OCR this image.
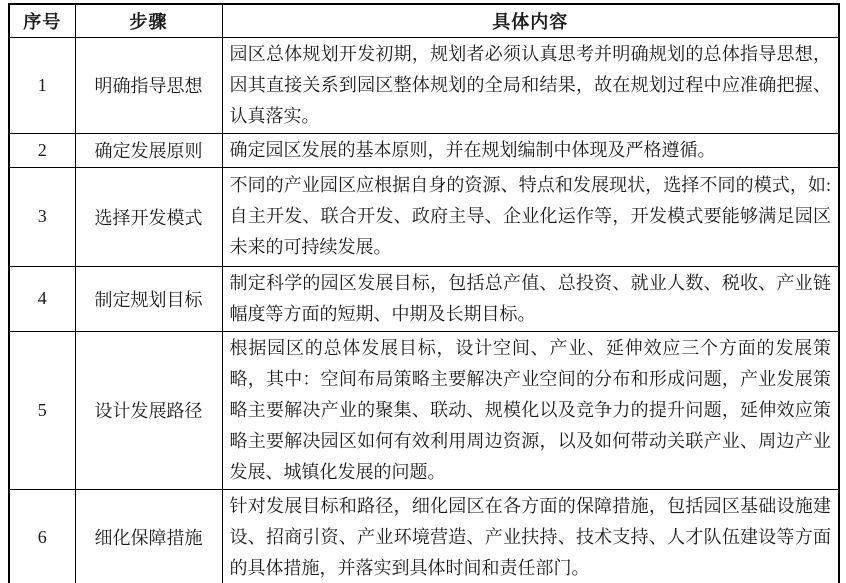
序号	步骤	具体内容
1	明确指导思想	园区总体规划开发初期，规划者必须认真思考并明确规划的总体指导思想，因其直接关系到园区整体规划的全局和结果，故在规划过程中应准确把握、认真落实。
2	确定发展原则	确定园区发展的基本原则，并在规划编制中体现及严格遵循。
3	选择开发模式	不同的产业园区应根据自身的资源、特点和发展现状，选择不同的模式，如: 自主开发、联合开发、政府主导、企业化运作等，开发模式要能够满足园区未来的可持续发展。
4	制定规划目标	制定科学的园区发展目标，包括总产值、总投资、就业人数、税收、产业链幅度等方面的短期、中期及长期目标。
5	设计发展路径	根据园区的总体发展目标，设计空间、产业、延伸效应三个方面的发展策略，其中：空间布局策略主要解决产业空间的分布和形成问题，产业发展策略主要解决产业的聚集、联动、规模化以及竞争力的提升问题，延伸效应策略主要解决园区如何有效利用周边资源，以及如何带动关联产业、周边产业发展、城镇化发展的问题。
6	细化保障措施	针对发展目标和路径，细化园区在各方面的保障措施，包括园区基础设施建设、招商引资、产业环境营造、产业扶持、技术支持、人才队伍建设等方面的具体措施，并落实到具体时间和责任部门。
